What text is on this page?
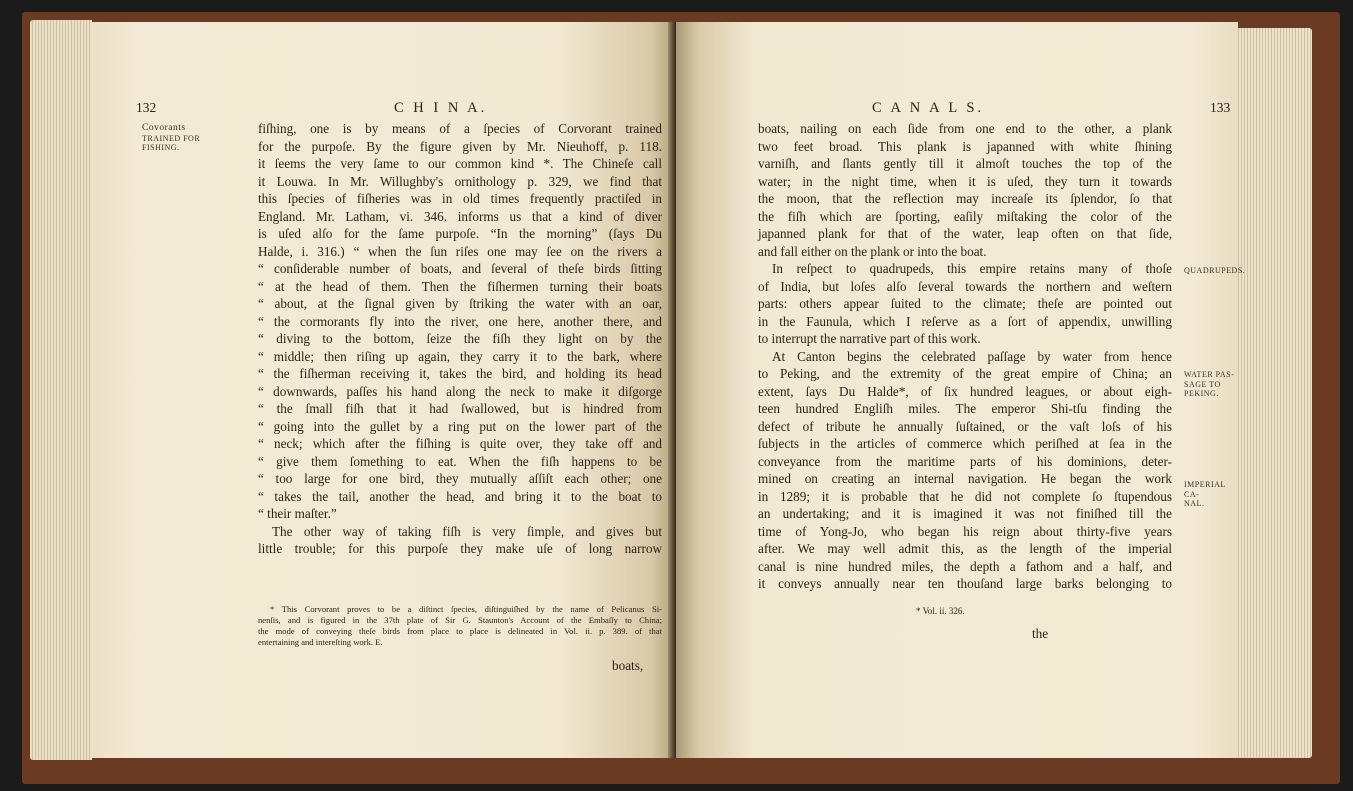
132	C H I N A.
Covorants
TRAINED FOR
FISHING.
fiſhing, one is by means of a ſpecies of Corvorant trained
for the purpoſe. By the figure given by Mr. Nieuhoff, p. 118.
it ſeems the very ſame to our common kind *. The Chineſe call
it Louwa. In Mr. Willughby's ornithology p. 329, we find that
this ſpecies of fiſheries was in old times frequently practiſed in
England. Mr. Latham, vi. 346. informs us that a kind of diver
is uſed alſo for the ſame purpoſe. “In the morning” (ſays Du
Halde, i. 316.) “ when the ſun riſes one may ſee on the rivers a
“ conſiderable number of boats, and ſeveral of theſe birds ſitting
“ at the head of them. Then the fiſhermen turning their boats
“ about, at the ſignal given by ſtriking the water with an oar,
“ the cormorants fly into the river, one here, another there, and
“ diving to the bottom, ſeize the fiſh they light on by the
“ middle; then riſing up again, they carry it to the bark, where
“ the fiſherman receiving it, takes the bird, and holding its head
“ downwards, paſſes his hand along the neck to make it diſgorge
“ the ſmall fiſh that it had ſwallowed, but is hindred from
“ going into the gullet by a ring put on the lower part of the
“ neck; which after the fiſhing is quite over, they take off and
“ give them ſomething to eat. When the fiſh happens to be
“ too large for one bird, they mutually aſſiſt each other; one
“ takes the tail, another the head, and bring it to the boat to
“ their maſter.”
The other way of taking fiſh is very ſimple, and gives but
little trouble; for this purpoſe they make uſe of long narrow
* This Corvorant proves to be a diſtinct ſpecies, diſtinguiſhed by the name of Pelicanus Si-
nenſis, and is figured in the 37th plate of Sir G. Staunton's Account of the Embaſſy to China;
the mode of conveying theſe birds from place to place is delineated in Vol. ii. p. 389. of that
entertaining and intereſting work. E.
boats,
C A N A L S.	133
boats, nailing on each ſide from one end to the other, a plank
two feet broad. This plank is japanned with white ſhining
varniſh, and ſlants gently till it almoſt touches the top of the
water; in the night time, when it is uſed, they turn it towards
the moon, that the reflection may increaſe its ſplendor, ſo that
the fiſh which are ſporting, eaſily miſtaking the color of the
japanned plank for that of the water, leap often on that ſide,
and fall either on the plank or into the boat.
In reſpect to quadrupeds, this empire retains many of thoſe
of India, but loſes alſo ſeveral towards the northern and weſtern
parts: others appear ſuited to the climate; theſe are pointed out
in the Faunula, which I reſerve as a ſort of appendix, unwilling
to interrupt the narrative part of this work.
At Canton begins the celebrated paſſage by water from hence
to Peking, and the extremity of the great empire of China; an
extent, ſays Du Halde*, of ſix hundred leagues, or about eigh-
teen hundred Engliſh miles. The emperor Shi-tſu finding the
defect of tribute he annually ſuſtained, or the vaſt loſs of his
ſubjects in the articles of commerce which periſhed at ſea in the
conveyance from the maritime parts of his dominions, deter-
mined on creating an internal navigation. He began the work
in 1289; it is probable that he did not complete ſo ſtupendous
an undertaking; and it is imagined it was not finiſhed till the
time of Yong-Jo, who began his reign about thirty-five years
after. We may well admit this, as the length of the imperial
canal is nine hundred miles, the depth a fathom and a half, and
it conveys annually near ten thouſand large barks belonging to
QUADRUPEDS.
WATER PAS-
SAGE TO PEKING.
IMPERIAL CA-
NAL.
* Vol. ii. 326.
the
